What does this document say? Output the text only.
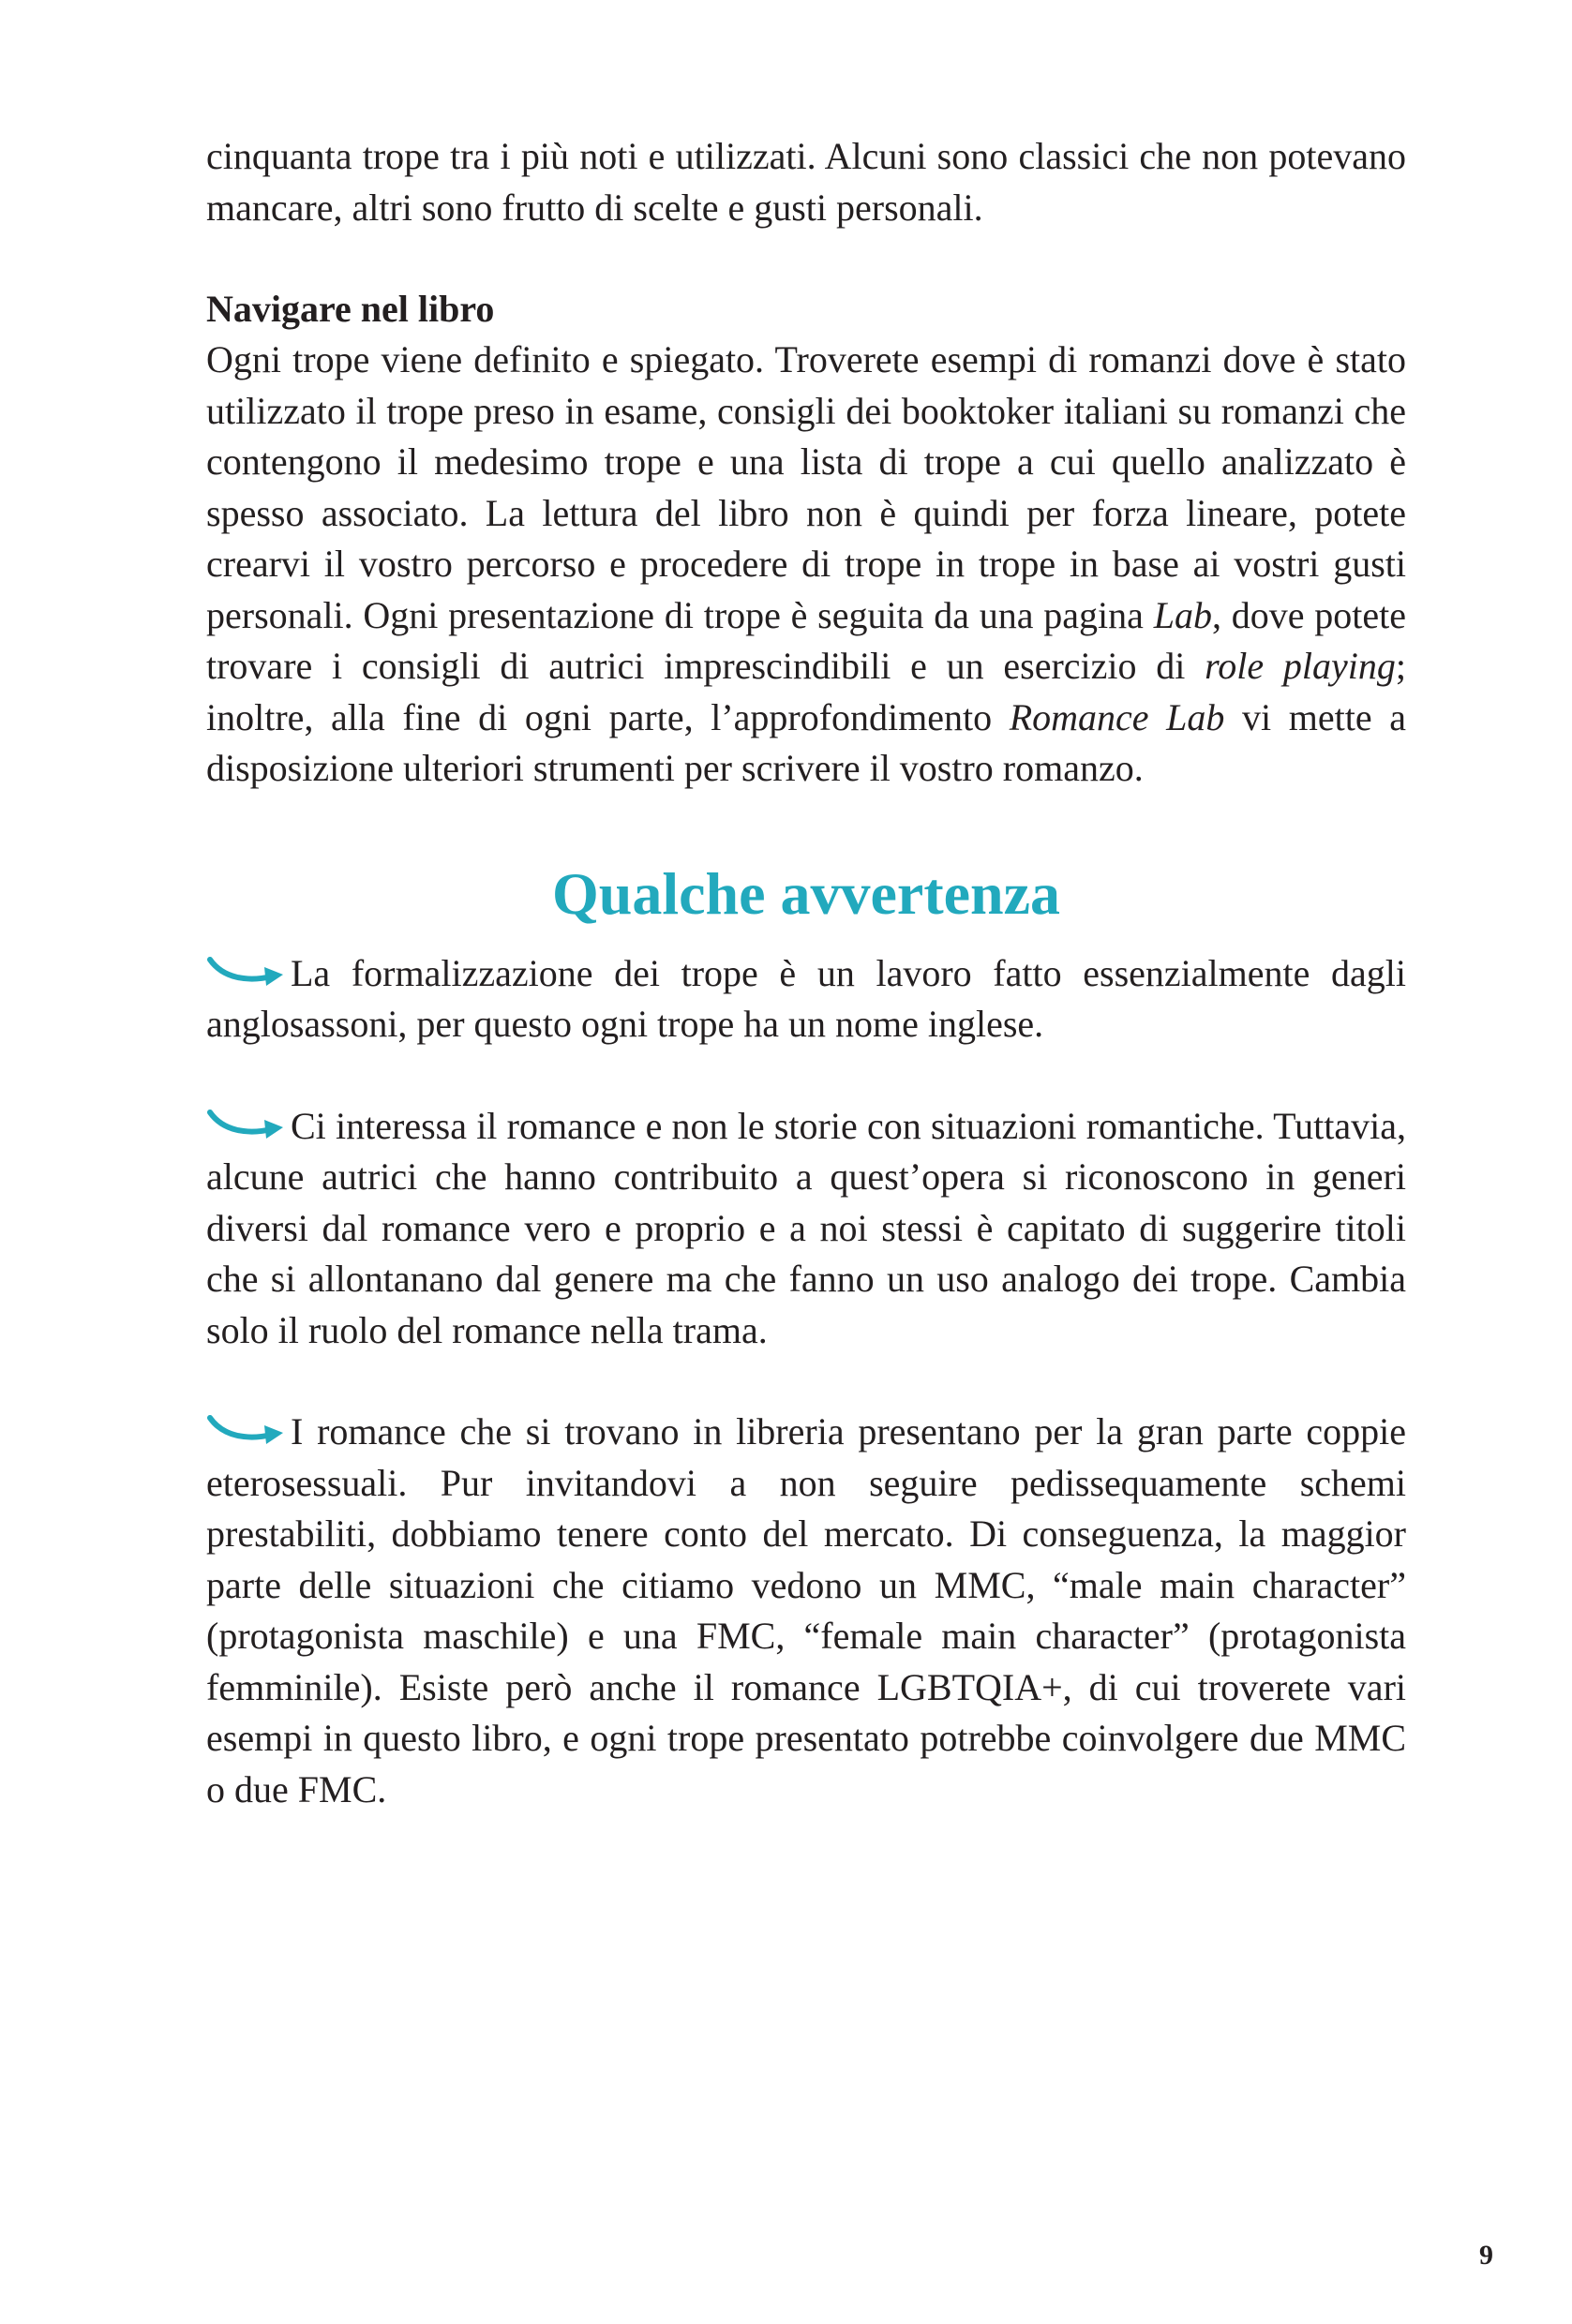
cinquanta trope tra i più noti e utilizzati. Alcuni sono classici che non potevano mancare, altri sono frutto di scelte e gusti personali.

Navigare nel libro

Ogni trope viene definito e spiegato. Troverete esempi di romanzi dove è stato utilizzato il trope preso in esame, consigli dei booktoker italiani su romanzi che contengono il medesimo trope e una lista di trope a cui quello analizzato è spesso associato. La lettura del libro non è quindi per forza lineare, potete crearvi il vostro percorso e procedere di trope in trope in base ai vostri gusti personali. Ogni presentazione di trope è seguita da una pagina Lab, dove potete trovare i consigli di autrici imprescindibili e un esercizio di role playing; inoltre, alla fine di ogni parte, l’approfondimento Romance Lab vi mette a disposizione ulteriori strumenti per scrivere il vostro romanzo.

Qualche avvertenza

La formalizzazione dei trope è un lavoro fatto essenzialmente dagli anglosassoni, per questo ogni trope ha un nome inglese.

Ci interessa il romance e non le storie con situazioni romantiche. Tuttavia, alcune autrici che hanno contribuito a quest’opera si riconoscono in generi diversi dal romance vero e proprio e a noi stessi è capitato di suggerire titoli che si allontanano dal genere ma che fanno un uso analogo dei trope. Cambia solo il ruolo del romance nella trama.

I romance che si trovano in libreria presentano per la gran parte coppie eterosessuali. Pur invitandovi a non seguire pedissequamente schemi prestabiliti, dobbiamo tenere conto del mercato. Di conseguenza, la maggior parte delle situazioni che citiamo vedono un MMC, “male main character” (protagonista maschile) e una FMC, “female main character” (protagonista femminile). Esiste però anche il romance LGBTQIA+, di cui troverete vari esempi in questo libro, e ogni trope presentato potrebbe coinvolgere due MMC o due FMC.

9
